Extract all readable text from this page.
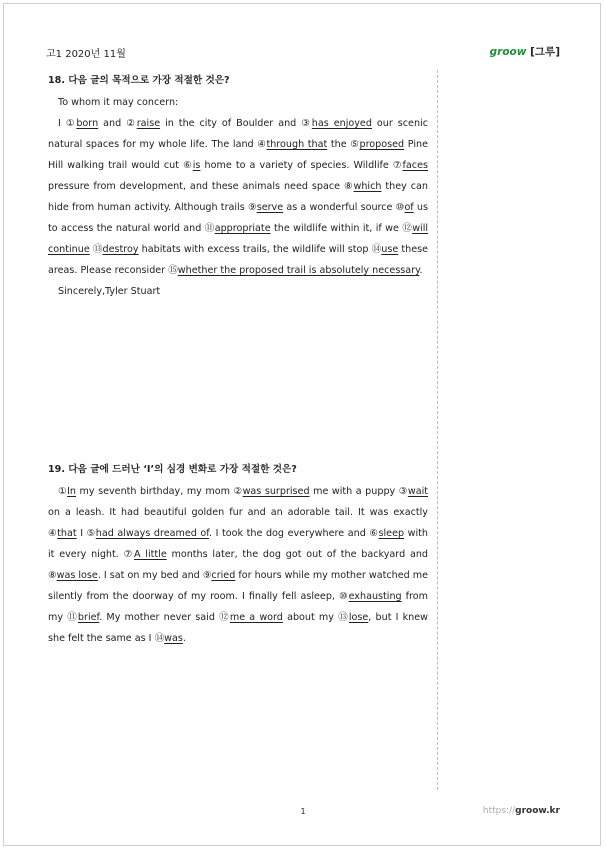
고1 2020년 11월	groow [그루]
18. 다음 글의 목적으로 가장 적절한 것은?
To whom it may concern:
I ①born and ②raise in the city of Boulder and ③has enjoyed our scenic natural spaces for my whole life. The land ④through that the ⑤proposed Pine Hill walking trail would cut ⑥is home to a variety of species. Wildlife ⑦faces pressure from development, and these animals need space ⑧which they can hide from human activity. Although trails ⑨serve as a wonderful source ⑩of us to access the natural world and ⑪appropriate the wildlife within it, if we ⑫will continue ⑬destroy habitats with excess trails, the wildlife will stop ⑭use these areas. Please reconsider ⑮whether the proposed trail is absolutely necessary.
Sincerely,Tyler Stuart
19. 다음 글에 드러난 ‘I’의 심경 변화로 가장 적절한 것은?
①In my seventh birthday, my mom ②was surprised me with a puppy ③wait on a leash. It had beautiful golden fur and an adorable tail. It was exactly ④that I ⑤had always dreamed of. I took the dog everywhere and ⑥sleep with it every night. ⑦A little months later, the dog got out of the backyard and ⑧was lose. I sat on my bed and ⑨cried for hours while my mother watched me silently from the doorway of my room. I finally fell asleep, ⑩exhausting from my ⑪brief. My mother never said ⑫me a word about my ⑬lose, but I knew she felt the same as I ⑭was.
1	https://groow.kr
